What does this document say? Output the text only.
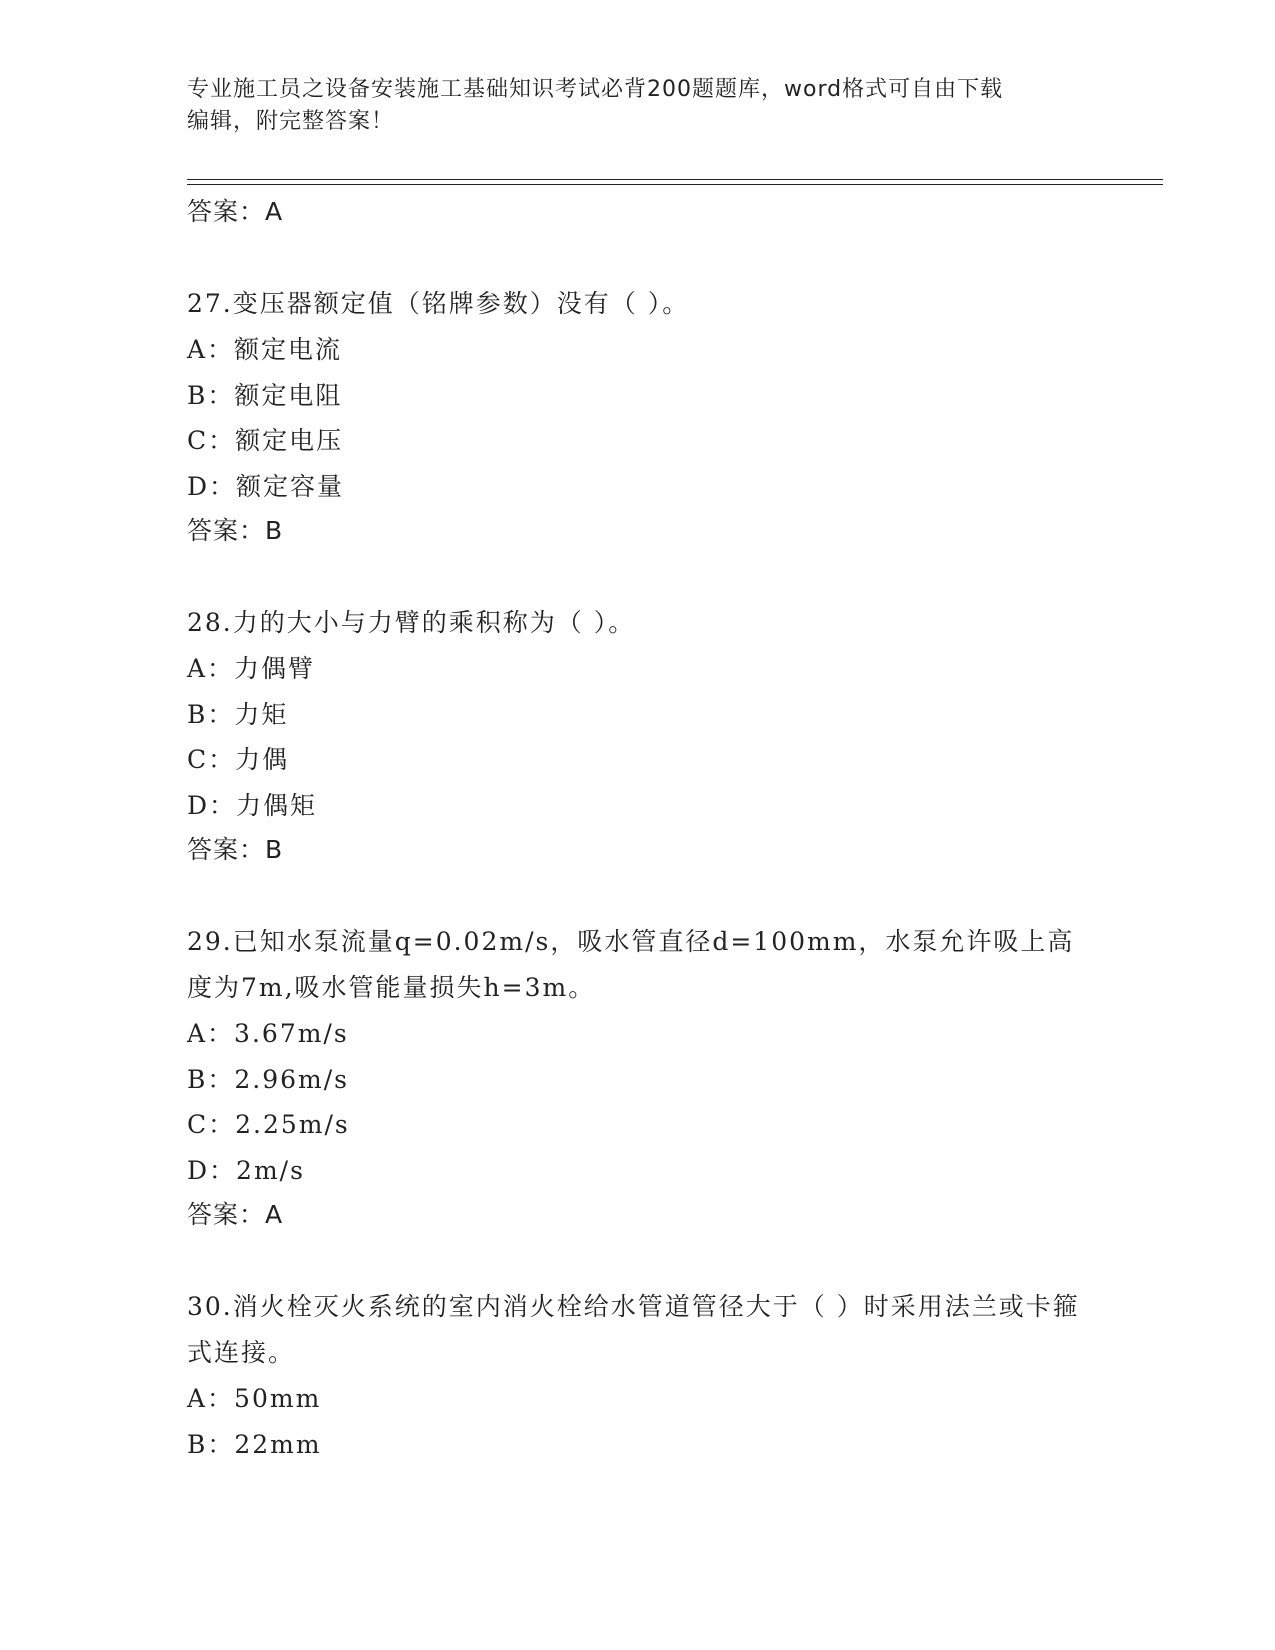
专业施工员之设备安装施工基础知识考试必背200题题库，word格式可自由下载
编辑，附完整答案！
答案：A
27.变压器额定值（铭牌参数）没有（ ）。
A：额定电流
B：额定电阻
C：额定电压
D：额定容量
答案：B
28.力的大小与力臂的乘积称为（ ）。
A：力偶臂
B：力矩
C：力偶
D：力偶矩
答案：B
29.已知水泵流量q=0.02m/s，吸水管直径d=100mm，水泵允许吸上高度为7m,吸水管能量损失h=3m。
A：3.67m/s
B：2.96m/s
C：2.25m/s
D：2m/s
答案：A
30.消火栓灭火系统的室内消火栓给水管道管径大于（ ）时采用法兰或卡箍式连接。
A：50mm
B：22mm
